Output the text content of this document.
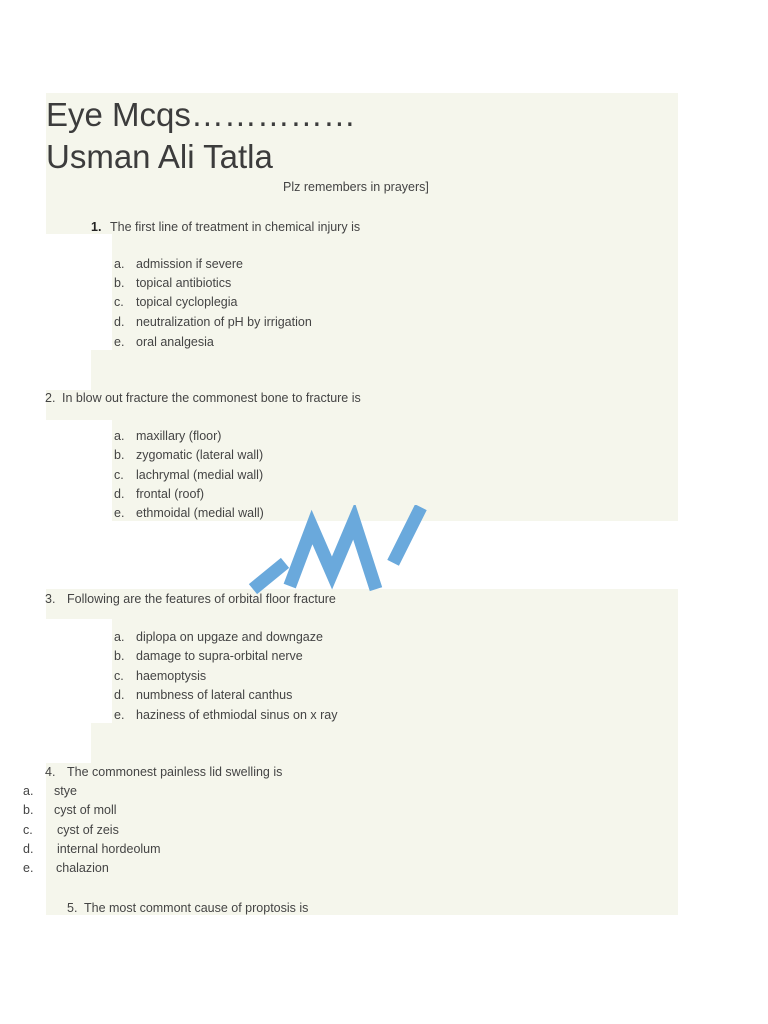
Eye Mcqs……………
Usman Ali Tatla
Plz remembers in prayers]
1. The first line of treatment in chemical injury is
a. admission if severe
b. topical antibiotics
c. topical cycloplegia
d. neutralization of pH by irrigation
e. oral analgesia
2. In blow out fracture the commonest bone to fracture is
a. maxillary (floor)
b. zygomatic (lateral wall)
c. lachrymal (medial wall)
d. frontal (roof)
e. ethmoidal (medial wall)
3. Following are the features of orbital floor fracture
a. diplopa on upgaze and downgaze
b. damage to supra-orbital nerve
c. haemoptysis
d. numbness of lateral canthus
e. haziness of ethmiodal sinus on x ray
4. The commonest painless lid swelling is
a. stye
b. cyst of moll
c. cyst of zeis
d. internal hordeolum
e. chalazion
5. The most commont cause of proptosis is
